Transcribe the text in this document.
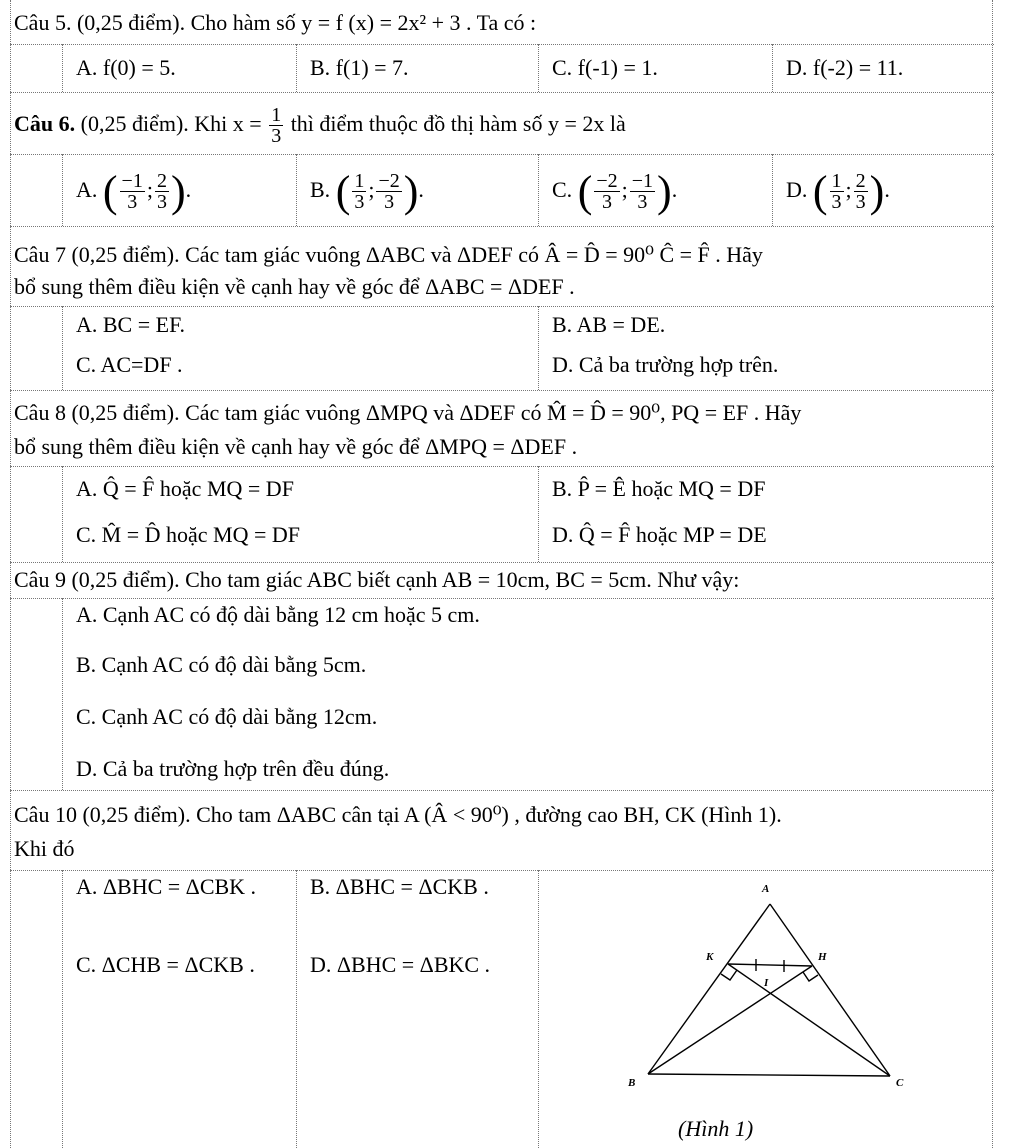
Câu 5. (0,25 điểm). Cho hàm số y = f (x) = 2x² + 3 . Ta có :
A. f(0) = 5.	B. f(1) = 7.	C. f(-1) = 1.	D. f(-2) = 11.
Câu 6. (0,25 điểm). Khi $x = \frac{1}{3}$ thì điểm thuộc đồ thị hàm số y = 2x là
A. ( $\frac{-1}{3}$ ; $\frac{2}{3}$ ).	B. ( $\frac{1}{3}$ ; $\frac{-2}{3}$ ).	C. ( $\frac{-2}{3}$ ; $\frac{-1}{3}$ ).	D. ( $\frac{1}{3}$ ; $\frac{2}{3}$ ).
Câu 7 (0,25 điểm). Các tam giác vuông ΔABC và ΔDEF có Â = D̂ = 90⁰ Ĉ = F̂ . Hãy
bổ sung thêm điều kiện về cạnh hay về góc để ΔABC = ΔDEF .
A. BC = EF.	B. AB = DE.
C. AC=DF .	D. Cả ba trường hợp trên.
Câu 8 (0,25 điểm). Các tam giác vuông ΔMPQ và ΔDEF có M̂ = D̂ = 90⁰, PQ = EF . Hãy
bổ sung thêm điều kiện về cạnh hay về góc để ΔMPQ = ΔDEF .
A. Q̂ = F̂ hoặc MQ = DF	B. P̂ = Ê hoặc MQ = DF
C. M̂ = D̂ hoặc MQ = DF	D. Q̂ = F̂ hoặc MP = DE
Câu 9 (0,25 điểm). Cho tam giác ABC biết cạnh AB = 10cm, BC = 5cm. Như vậy:
A. Cạnh AC có độ dài bằng 12 cm hoặc 5 cm.
B. Cạnh AC có độ dài bằng 5cm.
C. Cạnh AC có độ dài bằng 12cm.
D. Cả ba trường hợp trên đều đúng.
Câu 10 (0,25 điểm). Cho tam ΔABC cân tại A (Â < 90⁰) , đường cao BH, CK (Hình 1).
Khi đó
A. ΔBHC = ΔCBK . B. ΔBHC = ΔCKB .
C. ΔCHB = ΔCKB .	D. ΔBHC = ΔBKC .
A
K	H
I
B	C
(Hình 1)
